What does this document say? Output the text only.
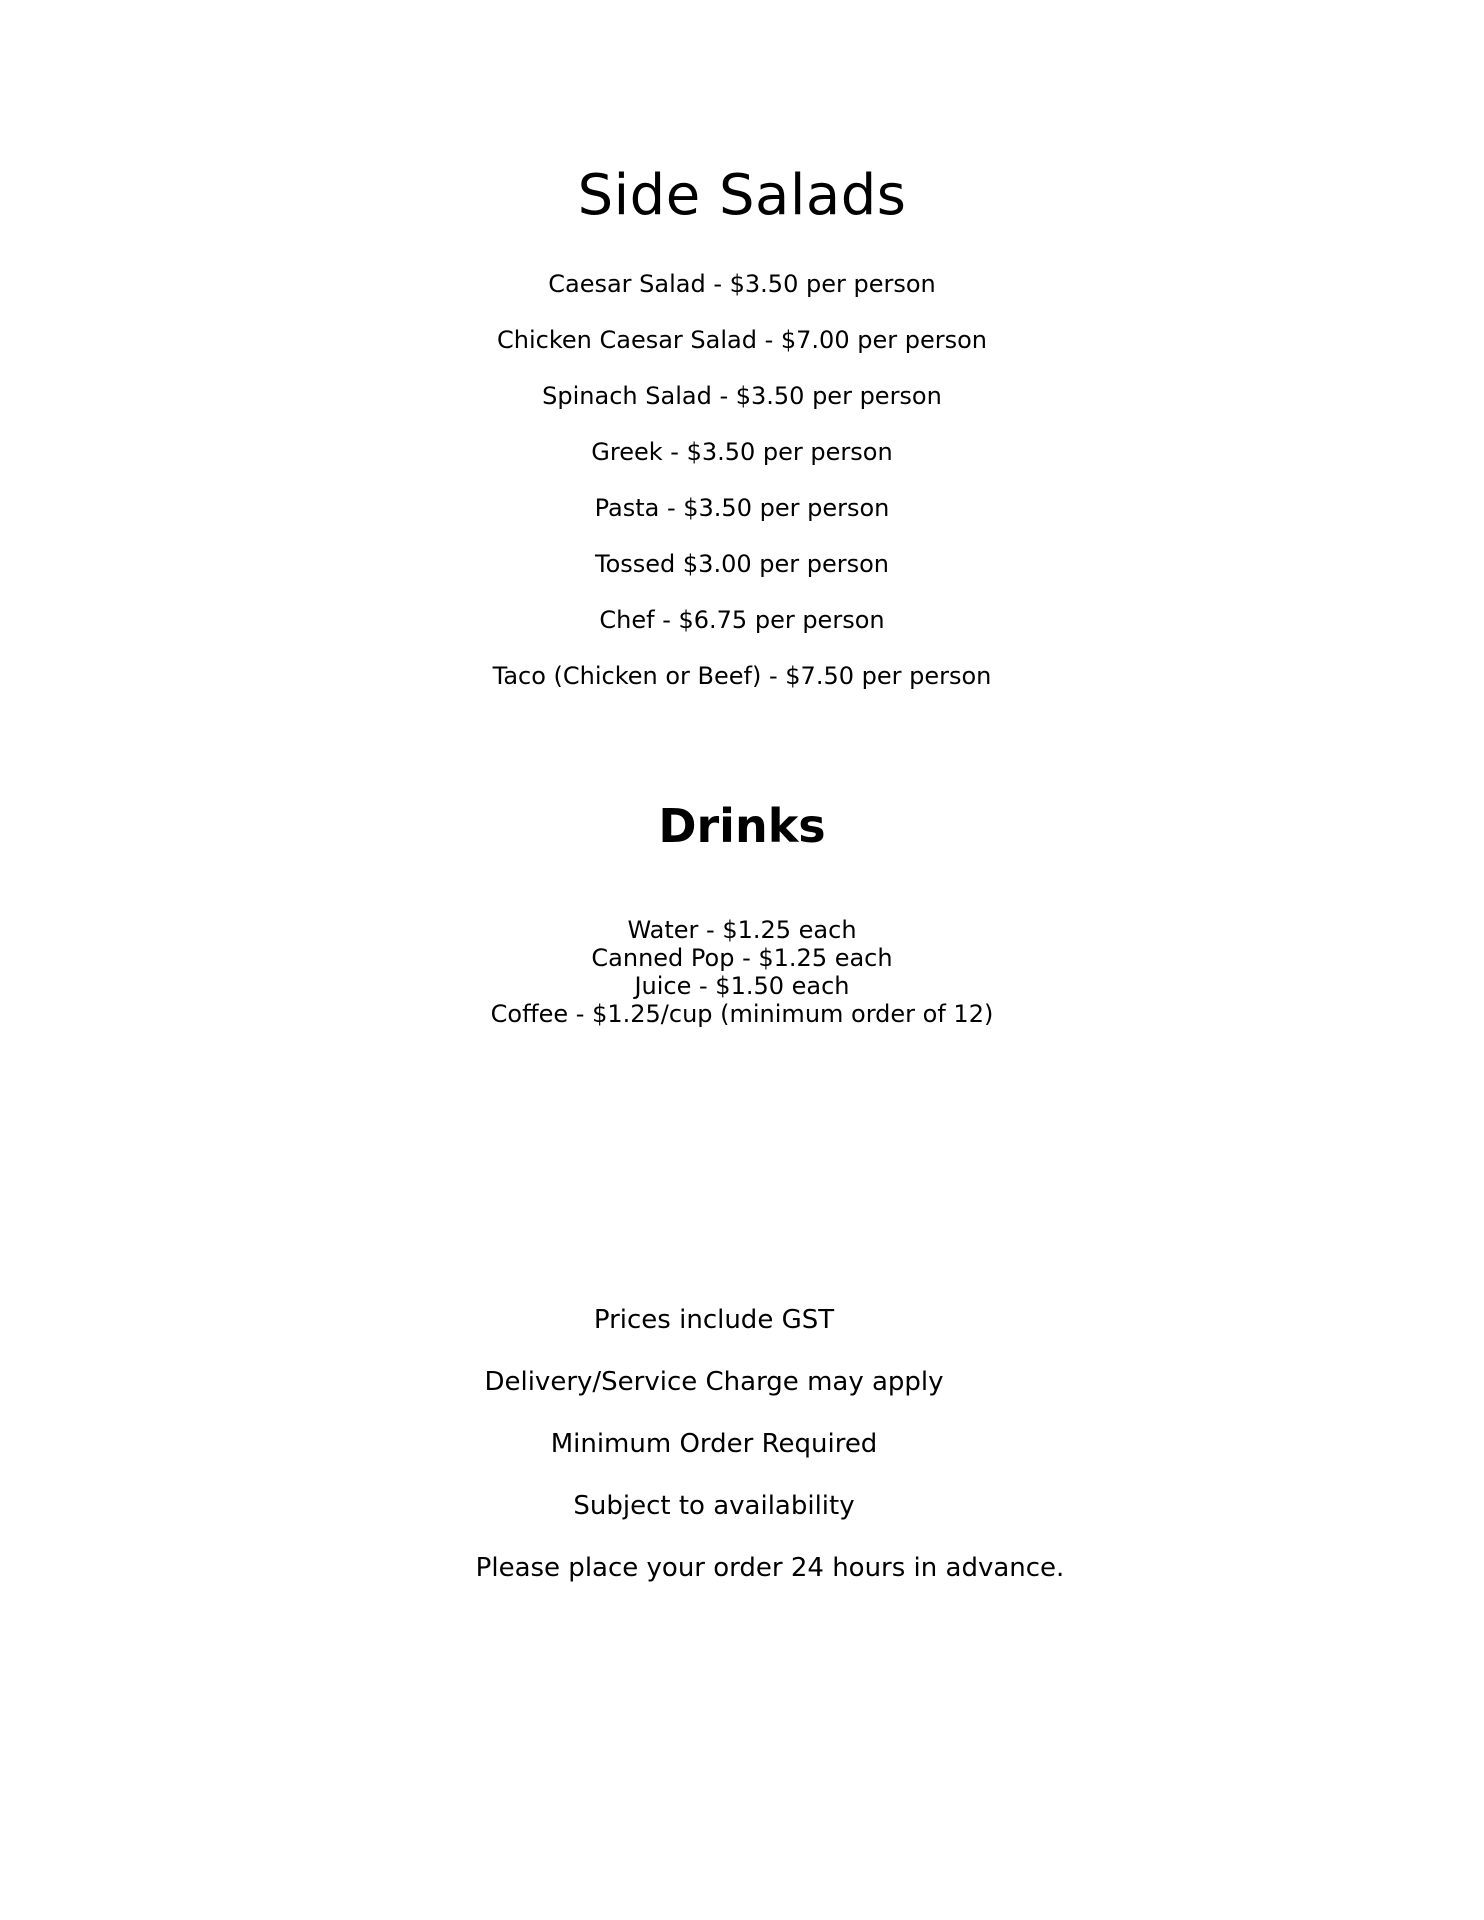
Side Salads
Caesar Salad - $3.50 per person
Chicken Caesar Salad - $7.00 per person
Spinach Salad - $3.50 per person
Greek - $3.50 per person
Pasta - $3.50 per person
Tossed $3.00 per person
Chef - $6.75 per person
Taco (Chicken or Beef) - $7.50 per person
Drinks
Water - $1.25 each
Canned Pop - $1.25 each
Juice - $1.50 each
Coffee - $1.25/cup (minimum order of 12)
Prices include GST
Delivery/Service Charge may apply
Minimum Order Required
Subject to availability

Please place your order 24 hours in advance.
